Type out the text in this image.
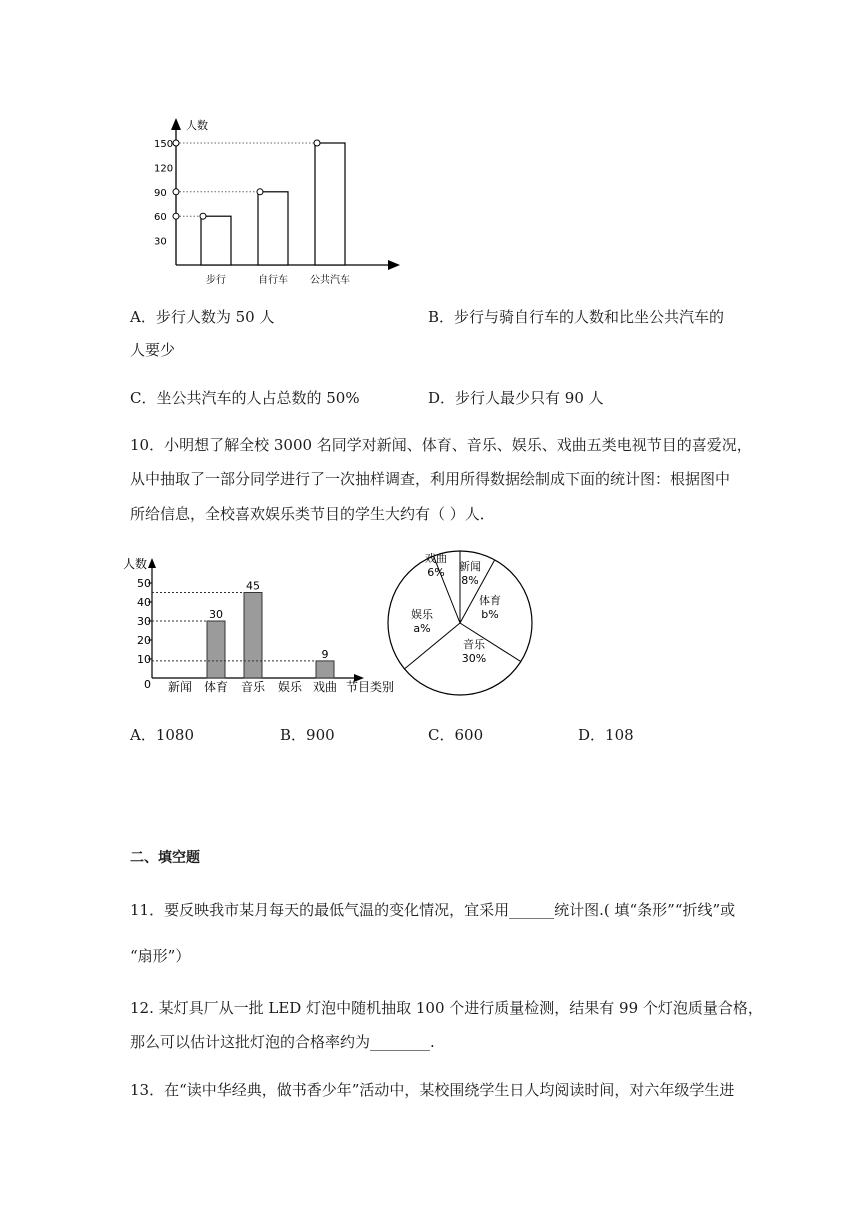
人数
30
60
90
120
150
步行	自行车 公共汽车
A．步行人数为 50 人	B．步行与骑自行车的人数和比坐公共汽车的
人要少
C．坐公共汽车的人占总数的 50%	D．步行人最少只有 90 人
10．小明想了解全校 3000 名同学对新闻、体育、音乐、娱乐、戏曲五类电视节目的喜爱况，
从中抽取了一部分同学进行了一次抽样调查，利用所得数据绘制成下面的统计图：根据图中
所给信息，全校喜欢娱乐类节目的学生大约有（ ）人．
人数
0	节目类别
10
20
30
40
50
30
45
9
新闻 体育 音乐 娱乐 戏曲
新闻
8%
体育
b%
音乐
30%
娱乐
a%
戏曲
6%
A．1080	B．900	C．600	D．108
二、填空题
11．要反映我市某月每天的最低气温的变化情况，宜采用______统计图.( 填“条形”“折线”或
“扇形”）
12. 某灯具厂从一批 LED 灯泡中随机抽取 100 个进行质量检测，结果有 99 个灯泡质量合格，
那么可以估计这批灯泡的合格率约为________.
13．在“读中华经典，做书香少年”活动中，某校围绕学生日人均阅读时间，对六年级学生进
